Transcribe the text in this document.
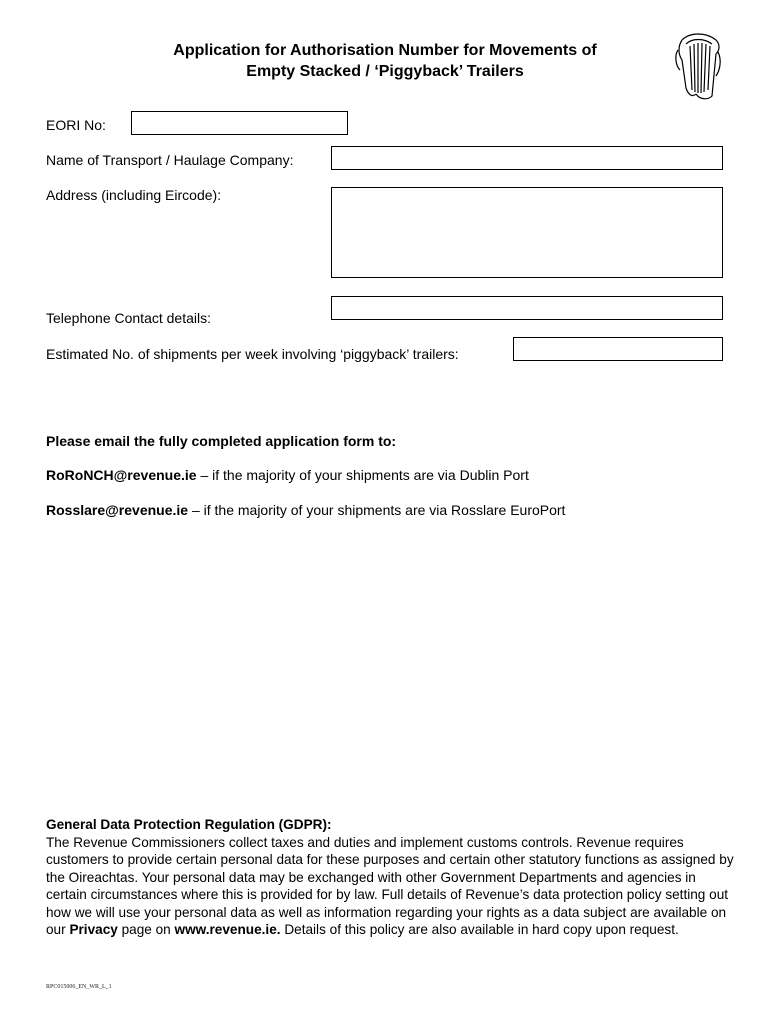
Application for Authorisation Number for Movements of
Empty Stacked / ‘Piggyback’ Trailers
EORI No:
Name of Transport / Haulage Company:
Address (including Eircode):
Telephone Contact details:
Estimated No. of shipments per week involving ‘piggyback’ trailers:
Please email the fully completed application form to:
RoRoNCH@revenue.ie – if the majority of your shipments are via Dublin Port
Rosslare@revenue.ie – if the majority of your shipments are via Rosslare EuroPort
General Data Protection Regulation (GDPR):
The Revenue Commissioners collect taxes and duties and implement customs controls. Revenue requires customers to provide certain personal data for these purposes and certain other statutory functions as assigned by the Oireachtas. Your personal data may be exchanged with other Government Departments and agencies in certain circumstances where this is provided for by law. Full details of Revenue’s data protection policy setting out how we will use your personal data as well as information regarding your rights as a data subject are available on our Privacy page on www.revenue.ie. Details of this policy are also available in hard copy upon request.
RPC015006_EN_WR_L_1
